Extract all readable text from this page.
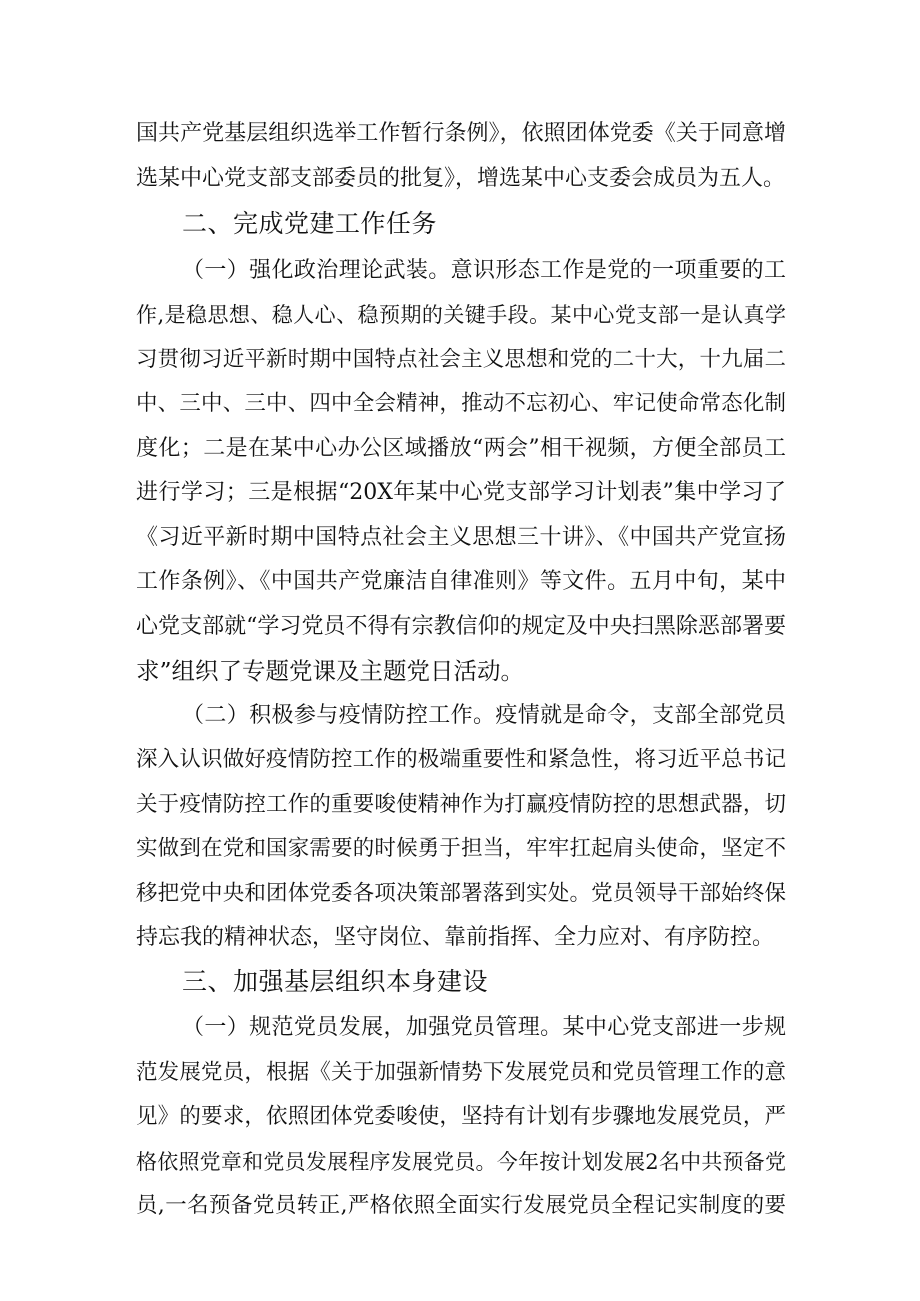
国共产党基层组织选举工作暂行条例》，依照团体党委《关于同意增
选某中心党支部支部委员的批复》，增选某中心支委会成员为五人。
二、完成党建工作任务
（一）强化政治理论武装。意识形态工作是党的一项重要的工
作,是稳思想、稳人心、稳预期的关键手段。某中心党支部一是认真学
习贯彻习近平新时期中国特点社会主义思想和党的二十大，十九届二
中、三中、三中、四中全会精神，推动不忘初心、牢记使命常态化制
度化；二是在某中心办公区域播放“两会”相干视频，方便全部员工
进行学习；三是根据“20X年某中心党支部学习计划表”集中学习了
《习近平新时期中国特点社会主义思想三十讲》、《中国共产党宣扬
工作条例》、《中国共产党廉洁自律准则》等文件。五月中旬，某中
心党支部就“学习党员不得有宗教信仰的规定及中央扫黑除恶部署要
求”组织了专题党课及主题党日活动。
（二）积极参与疫情防控工作。疫情就是命令，支部全部党员
深入认识做好疫情防控工作的极端重要性和紧急性，将习近平总书记
关于疫情防控工作的重要唆使精神作为打赢疫情防控的思想武器，切
实做到在党和国家需要的时候勇于担当，牢牢扛起肩头使命，坚定不
移把党中央和团体党委各项决策部署落到实处。党员领导干部始终保
持忘我的精神状态，坚守岗位、靠前指挥、全力应对、有序防控。
三、加强基层组织本身建设
（一）规范党员发展，加强党员管理。某中心党支部进一步规
范发展党员，根据《关于加强新情势下发展党员和党员管理工作的意
见》的要求，依照团体党委唆使，坚持有计划有步骤地发展党员，严
格依照党章和党员发展程序发展党员。今年按计划发展2名中共预备党
员,一名预备党员转正,严格依照全面实行发展党员全程记实制度的要
